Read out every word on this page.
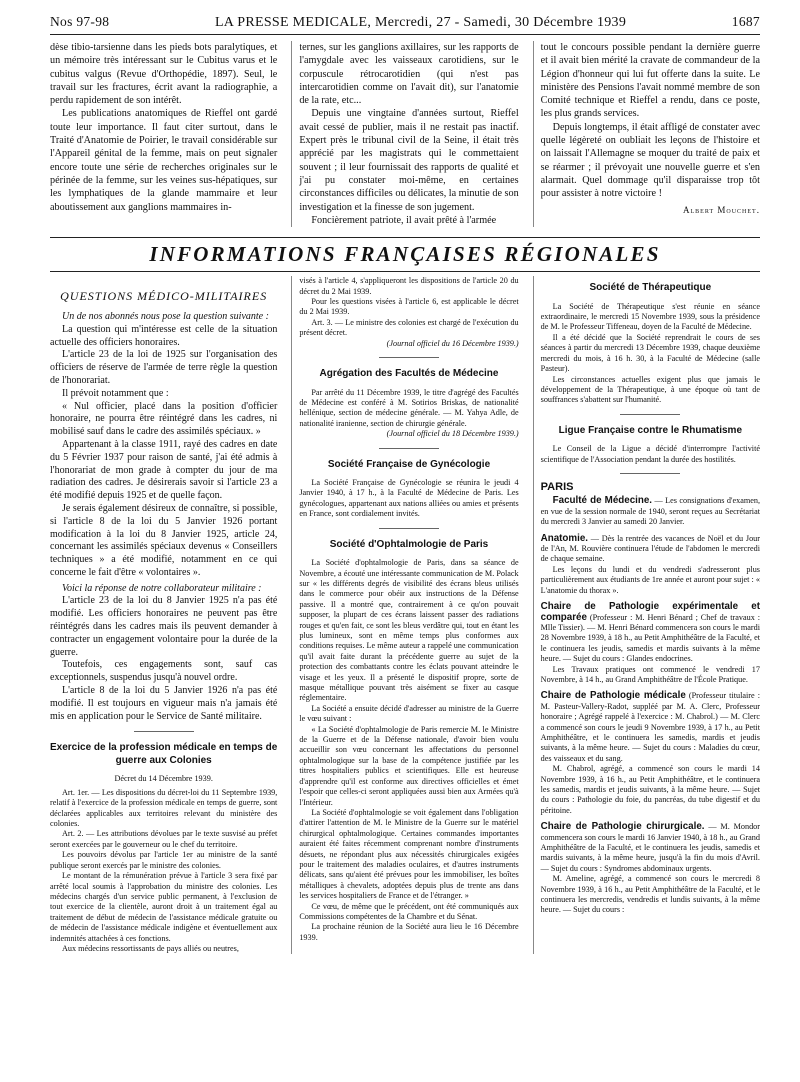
Nos 97-98	LA PRESSE MEDICALE, Mercredi, 27 - Samedi, 30 Décembre 1939	1687

dèse tibio-tarsienne dans les pieds bots paralytiques, et un mémoire très intéressant sur le Cubitus varus et le cubitus valgus (Revue d'Orthopédie, 1897). Seul, le travail sur les fractures, écrit avant la radiographie, a perdu rapidement de son intérêt.

Les publications anatomiques de Rieffel ont gardé toute leur importance. Il faut citer surtout, dans le Traité d'Anatomie de Poirier, le travail considérable sur l'Appareil génital de la femme, mais on peut signaler encore toute une série de recherches originales sur le périnée de la femme, sur les veines sus-hépatiques, sur les lymphatiques de la glande mammaire et leur aboutissement aux ganglions mammaires in-

ternes, sur les ganglions axillaires, sur les rapports de l'amygdale avec les vaisseaux carotidiens, sur le corpuscule rétrocarotidien (qui n'est pas intercarotidien comme on l'avait dit), sur l'anatomie de la rate, etc...

Depuis une vingtaine d'années surtout, Rieffel avait cessé de publier, mais il ne restait pas inactif. Expert près le tribunal civil de la Seine, il était très apprécié par les magistrats qui le commettaient souvent ; il leur fournissait des rapports de qualité et j'ai pu constater moi-même, en certaines circonstances difficiles ou délicates, la minutie de son investigation et la finesse de son jugement.

Foncièrement patriote, il avait prêté à l'armée

tout le concours possible pendant la dernière guerre et il avait bien mérité la cravate de commandeur de la Légion d'honneur qui lui fut offerte dans la suite. Le ministère des Pensions l'avait nommé membre de son Comité technique et Rieffel a rendu, dans ce poste, les plus grands services.

Depuis longtemps, il était affligé de constater avec quelle légèreté on oubliait les leçons de l'histoire et on laissait l'Allemagne se moquer du traité de paix et se réarmer ; il prévoyait une nouvelle guerre et s'en alarmait. Quel dommage qu'il disparaisse trop tôt pour assister à notre victoire !

Albert Mouchet.
INFORMATIONS FRANÇAISES RÉGIONALES
QUESTIONS MÉDICO-MILITAIRES

Un de nos abonnés nous pose la question suivante :

La question qui m'intéresse est celle de la situation actuelle des officiers honoraires.

L'article 23 de la loi de 1925 sur l'organisation des officiers de réserve de l'armée de terre règle la question de l'honorariat.

Il prévoit notamment que :

« Nul officier, placé dans la position d'officier honoraire, ne pourra être réintégré dans les cadres, ni mobilisé sauf dans le cadre des assimilés spéciaux. »

Appartenant à la classe 1911, rayé des cadres en date du 5 Février 1937 pour raison de santé, j'ai été admis à l'honorariat de mon grade à compter du jour de ma radiation des cadres. Je désirerais savoir si l'article 23 a été modifié depuis 1925 et de quelle façon.

Je serais également désireux de connaître, si possible, si l'article 8 de la loi du 5 Janvier 1926 portant modification à la loi du 8 Janvier 1925, article 24, concernant les assimilés spéciaux devenus « Conseillers techniques » a été modifié, notamment en ce qui concerne le fait d'être « volontaires ».

Voici la réponse de notre collaborateur militaire :

L'article 23 de la loi du 8 Janvier 1925 n'a pas été modifié. Les officiers honoraires ne peuvent pas être réintégrés dans les cadres mais ils peuvent demander à contracter un engagement volontaire pour la durée de la guerre.

Toutefois, ces engagements sont, sauf cas exceptionnels, suspendus jusqu'à nouvel ordre.

L'article 8 de la loi du 5 Janvier 1926 n'a pas été modifié. Il est toujours en vigueur mais n'a jamais été mis en application pour le Service de Santé militaire.

Exercice de la profession médicale en temps de guerre aux Colonies

Décret du 14 Décembre 1939.

Art. 1er. — Les dispositions du décret-loi du 11 Septembre 1939, relatif à l'exercice de la profession médicale en temps de guerre, sont déclarées applicables aux territoires relevant du ministère des colonies.

Art. 2. — Les attributions dévolues par le texte susvisé au préfet seront exercées par le gouverneur ou le chef du territoire.

Les pouvoirs dévolus par l'article 1er au ministre de la santé publique seront exercés par le ministre des colonies.

Le montant de la rémunération prévue à l'article 3 sera fixé par arrêté local soumis à l'approbation du ministre des colonies. Les médecins chargés d'un service public permanent, à l'exclusion de tout exercice de la clientèle, auront droit à un traitement égal au traitement de début de médecin de l'assistance médicale gratuite ou de médecin de l'assistance médicale indigène et éventuellement aux indemnités attachées à ces fonctions.

Aux médecins ressortissants de pays alliés ou neutres,

visés à l'article 4, s'appliqueront les dispositions de l'article 20 du décret du 2 Mai 1939.

Pour les questions visées à l'article 6, est applicable le décret du 2 Mai 1939.

Art. 3. — Le ministre des colonies est chargé de l'exécution du présent décret.

(Journal officiel du 16 Décembre 1939.)

Agrégation des Facultés de Médecine

Par arrêté du 11 Décembre 1939, le titre d'agrégé des Facultés de Médecine est conféré à M. Sotirios Briskas, de nationalité hellénique, section de médecine générale. — M. Yahya Adle, de nationalité iranienne, section de chirurgie générale.

(Journal officiel du 18 Décembre 1939.)

Société Française de Gynécologie

La Société Française de Gynécologie se réunira le jeudi 4 Janvier 1940, à 17 h., à la Faculté de Médecine de Paris. Les gynécologues, appartenant aux nations alliées ou amies et présents en France, sont cordialement invités.

Société d'Ophtalmologie de Paris

La Société d'ophtalmologie de Paris, dans sa séance de Novembre, a écouté une intéressante communication de M. Polack sur « les différents degrés de visibilité des écrans bleus utilisés dans le commerce pour obéir aux instructions de la Défense passive. Il a montré que, contrairement à ce qu'on pouvait supposer, la plupart de ces écrans laissent passer des radiations rouges et qu'en fait, ce sont les bleus verdâtre qui, tout en étant les plus lumineux, sont en même temps plus conformes aux conditions requises. Le même auteur a rappelé une communication qu'il avait faite durant la précédente guerre au sujet de la protection des combattants contre les éclats pouvant atteindre le visage et les yeux. Il a présenté le dispositif propre, sorte de masque métallique pouvant très aisément se fixer au casque réglementaire.

La Société a ensuite décidé d'adresser au ministre de la Guerre le vœu suivant :

« La Société d'ophtalmologie de Paris remercie M. le Ministre de la Guerre et de la Défense nationale, d'avoir bien voulu accueillir son vœu concernant les affectations du personnel ophtalmologique sur la base de la compétence justifiée par les titres hospitaliers publics et scientifiques. Elle est heureuse d'apprendre qu'il est conforme aux directives officielles et émet l'espoir que celles-ci seront appliquées aussi bien aux Armées qu'à l'Intérieur.

La Société d'ophtalmologie se voit également dans l'obligation d'attirer l'attention de M. le Ministre de la Guerre sur le matériel chirurgical ophtalmologique. Certaines commandes importantes auraient été faites récemment comprenant nombre d'instruments désuets, ne répondant plus aux nécessités chirurgicales exigées pour le traitement des maladies oculaires, et d'autres instruments délicats, sans qu'aient été prévues pour les immobiliser, les boîtes métalliques à chevalets, adoptées depuis plus de trente ans dans les services hospitaliers de France et de l'étranger. »

Ce vœu, de même que le précédent, ont été communiqués aux Commissions compétentes de la Chambre et du Sénat.

La prochaine réunion de la Société aura lieu le 16 Décembre 1939.

Société de Thérapeutique

La Société de Thérapeutique s'est réunie en séance extraordinaire, le mercredi 15 Novembre 1939, sous la présidence de M. le Professeur Tiffeneau, doyen de la Faculté de Médecine.

Il a été décidé que la Société reprendrait le cours de ses séances à partir du mercredi 13 Décembre 1939, chaque deuxième mercredi du mois, à 16 h. 30, à la Faculté de Médecine (salle Pasteur).

Les circonstances actuelles exigent plus que jamais le développement de la Thérapeutique, à une époque où tant de souffrances s'abattent sur l'humanité.

Ligue Française contre le Rhumatisme

Le Conseil de la Ligue a décidé d'interrompre l'activité scientifique de l'Association pendant la durée des hostilités.

PARIS

Faculté de Médecine. — Les consignations d'examen, en vue de la session normale de 1940, seront reçues au Secrétariat du mercredi 3 Janvier au samedi 20 Janvier.

Anatomie. — Dès la rentrée des vacances de Noël et du Jour de l'An, M. Rouvière continuera l'étude de l'abdomen le mercredi de chaque semaine.

Les leçons du lundi et du vendredi s'adresseront plus particulièrement aux étudiants de 1re année et auront pour sujet : « L'anatomie du thorax ».

Chaire de Pathologie expérimentale et comparée (Professeur : M. Henri Bénard ; Chef de travaux : Mlle Tissier). — M. Henri Bénard commencera son cours le mardi 28 Novembre 1939, à 18 h., au Petit Amphithéâtre de la Faculté, et le continuera les jeudis, samedis et mardis suivants à la même heure. — Sujet du cours : Glandes endocrines.

Les Travaux pratiques ont commencé le vendredi 17 Novembre, à 14 h., au Grand Amphithéâtre de l'École Pratique.

Chaire de Pathologie médicale (Professeur titulaire : M. Pasteur-Vallery-Radot, suppléé par M. A. Clerc, Professeur honoraire ; Agrégé rappelé à l'exercice : M. Chabrol.) — M. Clerc a commencé son cours le jeudi 9 Novembre 1939, à 17 h., au Petit Amphithéâtre, et le continuera les samedis, mardis et jeudis suivants, à la même heure. — Sujet du cours : Maladies du cœur, des vaisseaux et du sang.

M. Chabrol, agrégé, a commencé son cours le mardi 14 Novembre 1939, à 16 h., au Petit Amphithéâtre, et le continuera les samedis, mardis et jeudis suivants, à la même heure. — Sujet du cours : Pathologie du foie, du pancréas, du tube digestif et du péritoine.

Chaire de Pathologie chirurgicale. — M. Mondor commencera son cours le mardi 16 Janvier 1940, à 18 h., au Grand Amphithéâtre de la Faculté, et le continuera les jeudis, samedis et mardis suivants, à la même heure, jusqu'à la fin du mois d'Avril. — Sujet du cours : Syndromes abdominaux urgents.

M. Ameline, agrégé, a commencé son cours le mercredi 8 Novembre 1939, à 16 h., au Petit Amphithéâtre de la Faculté, et le continuera les mercredis, vendredis et lundis suivants, à la même heure. — Sujet du cours :
